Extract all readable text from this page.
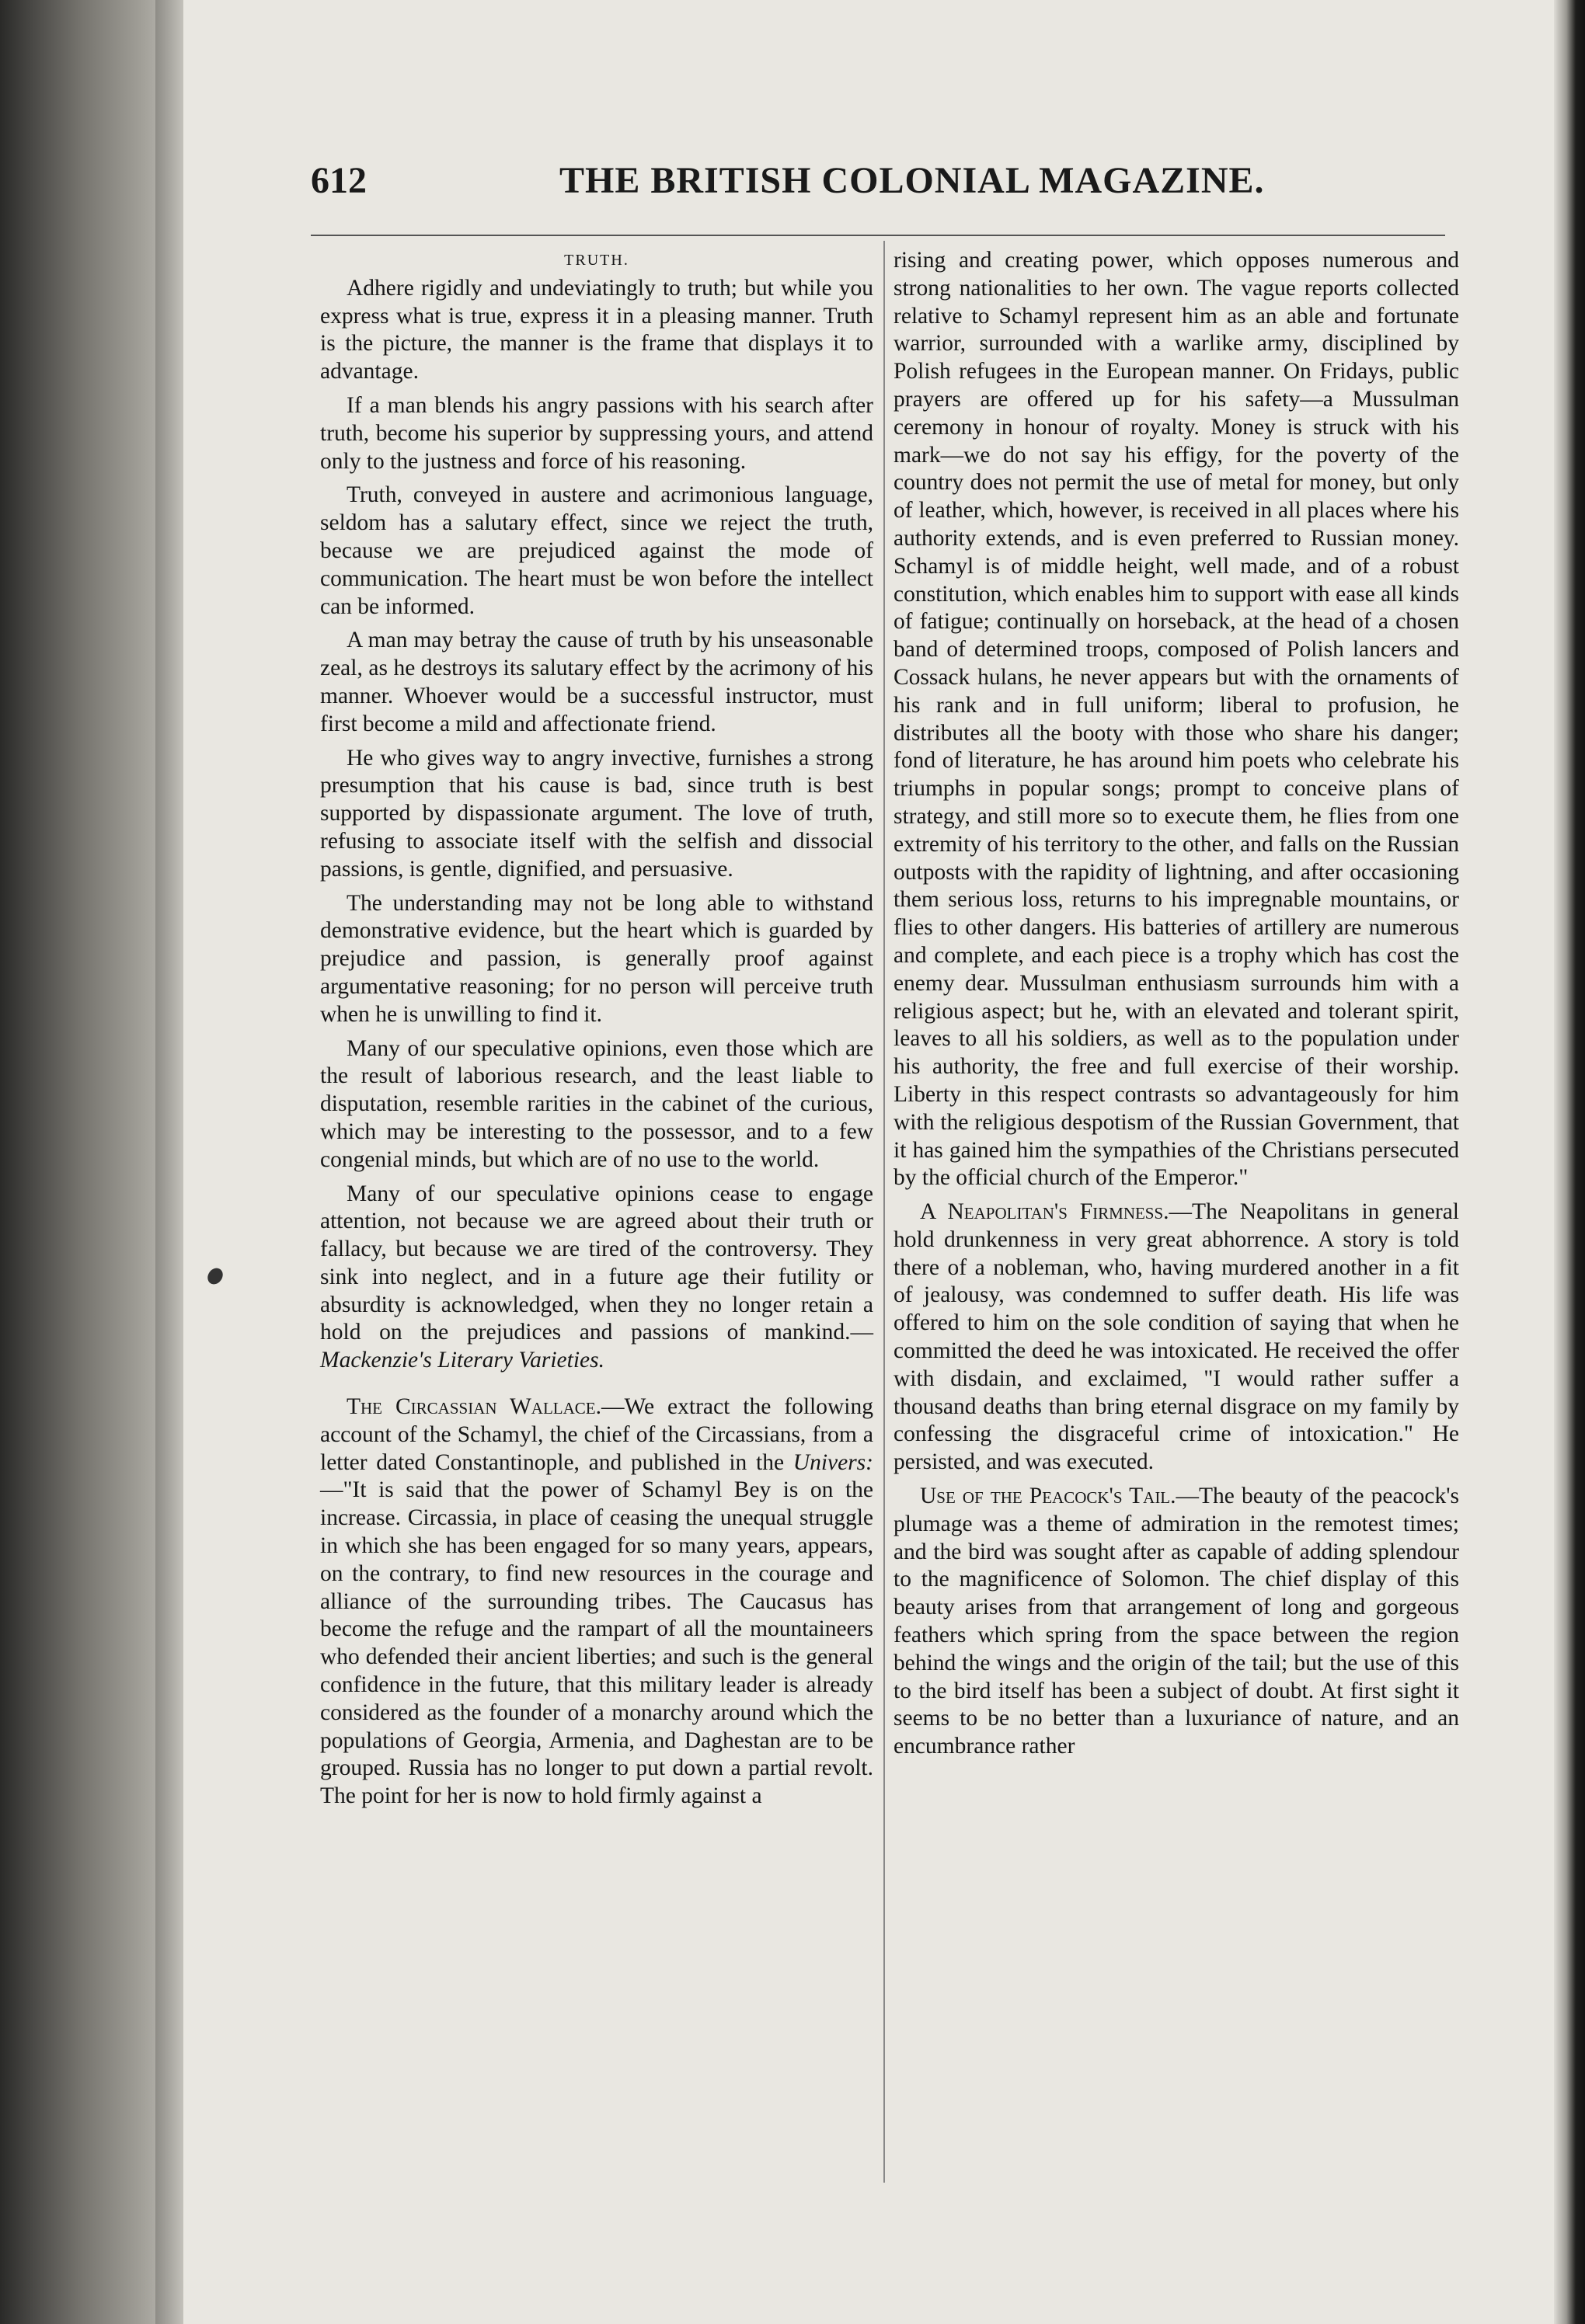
612	THE BRITISH COLONIAL MAGAZINE.

TRUTH.

Adhere rigidly and undeviatingly to truth; but while you express what is true, express it in a pleasing manner. Truth is the picture, the manner is the frame that displays it to advantage.

If a man blends his angry passions with his search after truth, become his superior by suppressing yours, and attend only to the justness and force of his reasoning.

Truth, conveyed in austere and acrimonious language, seldom has a salutary effect, since we reject the truth, because we are prejudiced against the mode of communication. The heart must be won before the intellect can be informed.

A man may betray the cause of truth by his unseasonable zeal, as he destroys its salutary effect by the acrimony of his manner. Whoever would be a successful instructor, must first become a mild and affectionate friend.

He who gives way to angry invective, furnishes a strong presumption that his cause is bad, since truth is best supported by dispassionate argument. The love of truth, refusing to associate itself with the selfish and dissocial passions, is gentle, dignified, and persuasive.

The understanding may not be long able to withstand demonstrative evidence, but the heart which is guarded by prejudice and passion, is generally proof against argumentative reasoning; for no person will perceive truth when he is unwilling to find it.

Many of our speculative opinions, even those which are the result of laborious research, and the least liable to disputation, resemble rarities in the cabinet of the curious, which may be interesting to the possessor, and to a few congenial minds, but which are of no use to the world.

Many of our speculative opinions cease to engage attention, not because we are agreed about their truth or fallacy, but because we are tired of the controversy. They sink into neglect, and in a future age their futility or absurdity is acknowledged, when they no longer retain a hold on the prejudices and passions of mankind.—Mackenzie's Literary Varieties.

The Circassian Wallace.—We extract the following account of the Schamyl, the chief of the Circassians, from a letter dated Constantinople, and published in the Univers:—"It is said that the power of Schamyl Bey is on the increase. Circassia, in place of ceasing the unequal struggle in which she has been engaged for so many years, appears, on the contrary, to find new resources in the courage and alliance of the surrounding tribes. The Caucasus has become the refuge and the rampart of all the mountaineers who defended their ancient liberties; and such is the general confidence in the future, that this military leader is already considered as the founder of a monarchy around which the populations of Georgia, Armenia, and Daghestan are to be grouped. Russia has no longer to put down a partial revolt. The point for her is now to hold firmly against a

rising and creating power, which opposes numerous and strong nationalities to her own. The vague reports collected relative to Schamyl represent him as an able and fortunate warrior, surrounded with a warlike army, disciplined by Polish refugees in the European manner. On Fridays, public prayers are offered up for his safety—a Mussulman ceremony in honour of royalty. Money is struck with his mark—we do not say his effigy, for the poverty of the country does not permit the use of metal for money, but only of leather, which, however, is received in all places where his authority extends, and is even preferred to Russian money. Schamyl is of middle height, well made, and of a robust constitution, which enables him to support with ease all kinds of fatigue; continually on horseback, at the head of a chosen band of determined troops, composed of Polish lancers and Cossack hulans, he never appears but with the ornaments of his rank and in full uniform; liberal to profusion, he distributes all the booty with those who share his danger; fond of literature, he has around him poets who celebrate his triumphs in popular songs; prompt to conceive plans of strategy, and still more so to execute them, he flies from one extremity of his territory to the other, and falls on the Russian outposts with the rapidity of lightning, and after occasioning them serious loss, returns to his impregnable mountains, or flies to other dangers. His batteries of artillery are numerous and complete, and each piece is a trophy which has cost the enemy dear. Mussulman enthusiasm surrounds him with a religious aspect; but he, with an elevated and tolerant spirit, leaves to all his soldiers, as well as to the population under his authority, the free and full exercise of their worship. Liberty in this respect contrasts so advantageously for him with the religious despotism of the Russian Government, that it has gained him the sympathies of the Christians persecuted by the official church of the Emperor."

A Neapolitan's Firmness.—The Neapolitans in general hold drunkenness in very great abhorrence. A story is told there of a nobleman, who, having murdered another in a fit of jealousy, was condemned to suffer death. His life was offered to him on the sole condition of saying that when he committed the deed he was intoxicated. He received the offer with disdain, and exclaimed, "I would rather suffer a thousand deaths than bring eternal disgrace on my family by confessing the disgraceful crime of intoxication." He persisted, and was executed.

Use of the Peacock's Tail.—The beauty of the peacock's plumage was a theme of admiration in the remotest times; and the bird was sought after as capable of adding splendour to the magnificence of Solomon. The chief display of this beauty arises from that arrangement of long and gorgeous feathers which spring from the space between the region behind the wings and the origin of the tail; but the use of this to the bird itself has been a subject of doubt. At first sight it seems to be no better than a luxuriance of nature, and an encumbrance rather
